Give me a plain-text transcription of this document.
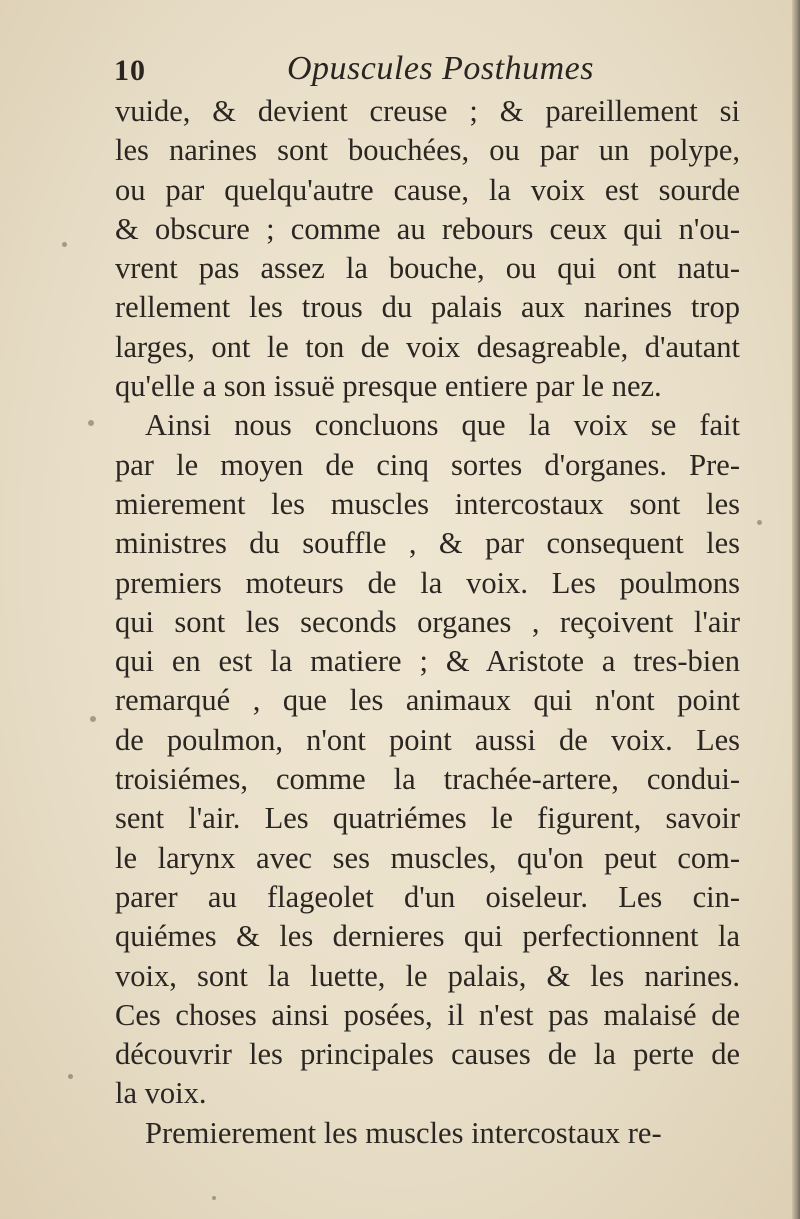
10	Opuscules Posthumes
vuide, & devient creuse ; & pareillement si
les narines sont bouchées, ou par un polype,
ou par quelqu'autre cause, la voix est sourde
& obscure ; comme au rebours ceux qui n'ou-
vrent pas assez la bouche, ou qui ont natu-
rellement les trous du palais aux narines trop
larges, ont le ton de voix desagreable, d'autant
qu'elle a son issuë presque entiere par le nez.
Ainsi nous concluons que la voix se fait
par le moyen de cinq sortes d'organes. Pre-
mierement les muscles intercostaux sont les
ministres du souffle , & par consequent les
premiers moteurs de la voix. Les poulmons
qui sont les seconds organes , reçoivent l'air
qui en est la matiere ; & Aristote a tres-bien
remarqué , que les animaux qui n'ont point
de poulmon, n'ont point aussi de voix. Les
troisiémes, comme la trachée-artere, condui-
sent l'air. Les quatriémes le figurent, savoir
le larynx avec ses muscles, qu'on peut com-
parer au flageolet d'un oiseleur. Les cin-
quiémes & les dernieres qui perfectionnent la
voix, sont la luette, le palais, & les narines.
Ces choses ainsi posées, il n'est pas malaisé de
découvrir les principales causes de la perte de
la voix.
Premierement les muscles intercostaux re-
